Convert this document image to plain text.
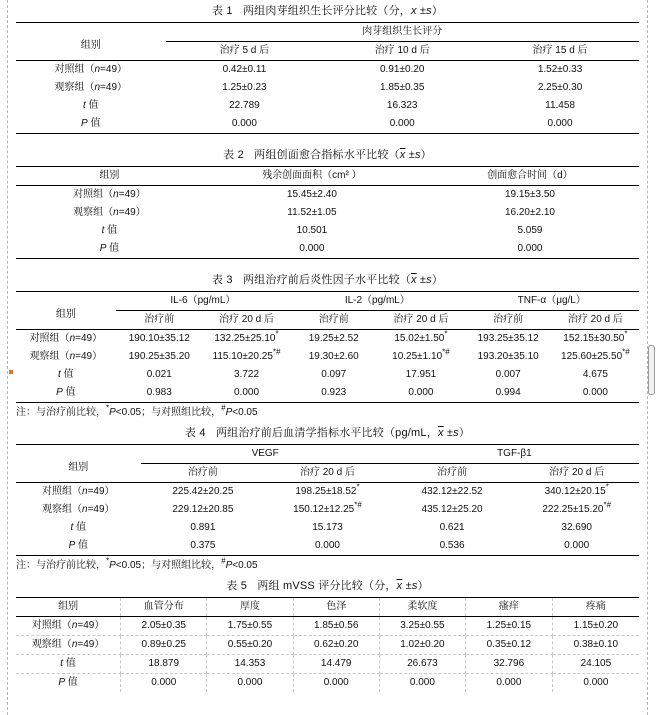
表 1 两组肉芽组织生长评分比较（分，x ±s）
组别	肉芽组织生长评分		
	治疗 5 d 后	治疗 10 d 后	治疗 15 d 后
对照组（n=49）	0.42±0.11	0.91±0.20	1.52±0.33
观察组（n=49）	1.25±0.23	1.85±0.35	2.25±0.30
t 值	22.789	16.323	11.458
P 值	0.000	0.000	0.000
表 2 两组创面愈合指标水平比较$(\overline{x} \pm s)$
组别	残余创面面积（cm² ）	创面愈合时间（d）
对照组（n=49）	15.45±2.40	19.15±3.50
观察组（n=49）	11.52±1.05	16.20±2.10
t 值	10.501	5.059
P 值	0.000	0.000
表 3 两组治疗前后炎性因子水平比较$(\overline{x} \pm s)$
组别	IL-6（pg/mL）		IL-2（pg/mL）		TNF-α（μg/L）	
	治疗前	治疗 20 d 后	治疗前	治疗 20 d 后	治疗前	治疗 20 d 后
对照组（n=49）	190.10±35.12	132.25±25.10*	19.25±2.52	15.02±1.50*	193.25±35.12	152.15±30.50*
观察组（n=49）	190.25±35.20	115.10±20.25*#	19.30±2.60	10.25±1.10*#	193.20±35.10	125.60±25.50*#
t 值	0.021	3.722	0.097	17.951	0.007	4.675
P 值	0.983	0.000	0.923	0.000	0.994	0.000
注：与治疗前比较，*P<0.05；与对照组比较，#P<0.05
表 4 两组治疗前后血清学指标水平比较（pg/mL，$\overline{x} \pm s$）
组别	VEGF		TGF-β1	
	治疗前	治疗 20 d 后	治疗前	治疗 20 d 后
对照组（n=49）	225.42±20.25	198.25±18.52*	432.12±22.52	340.12±20.15*
观察组（n=49）	229.12±20.85	150.12±12.25*#	435.12±25.20	222.25±15.20*#
t 值	0.891	15.173	0.621	32.690
P 值	0.375	0.000	0.536	0.000
注：与治疗前比较，*P<0.05；与对照组比较，#P<0.05
表 5 两组 mVSS 评分比较（分，$\overline{x} \pm s$）
组别	血管分布	厚度	色泽	柔软度	瘙痒	疼痛
对照组（n=49）	2.05±0.35	1.75±0.55	1.85±0.56	3.25±0.55	1.25±0.15	1.15±0.20
观察组（n=49）	0.89±0.25	0.55±0.20	0.62±0.20	1.02±0.20	0.35±0.12	0.38±0.10
t 值	18.879	14.353	14.479	26.673	32.796	24.105
P 值	0.000	0.000	0.000	0.000	0.000	0.000
